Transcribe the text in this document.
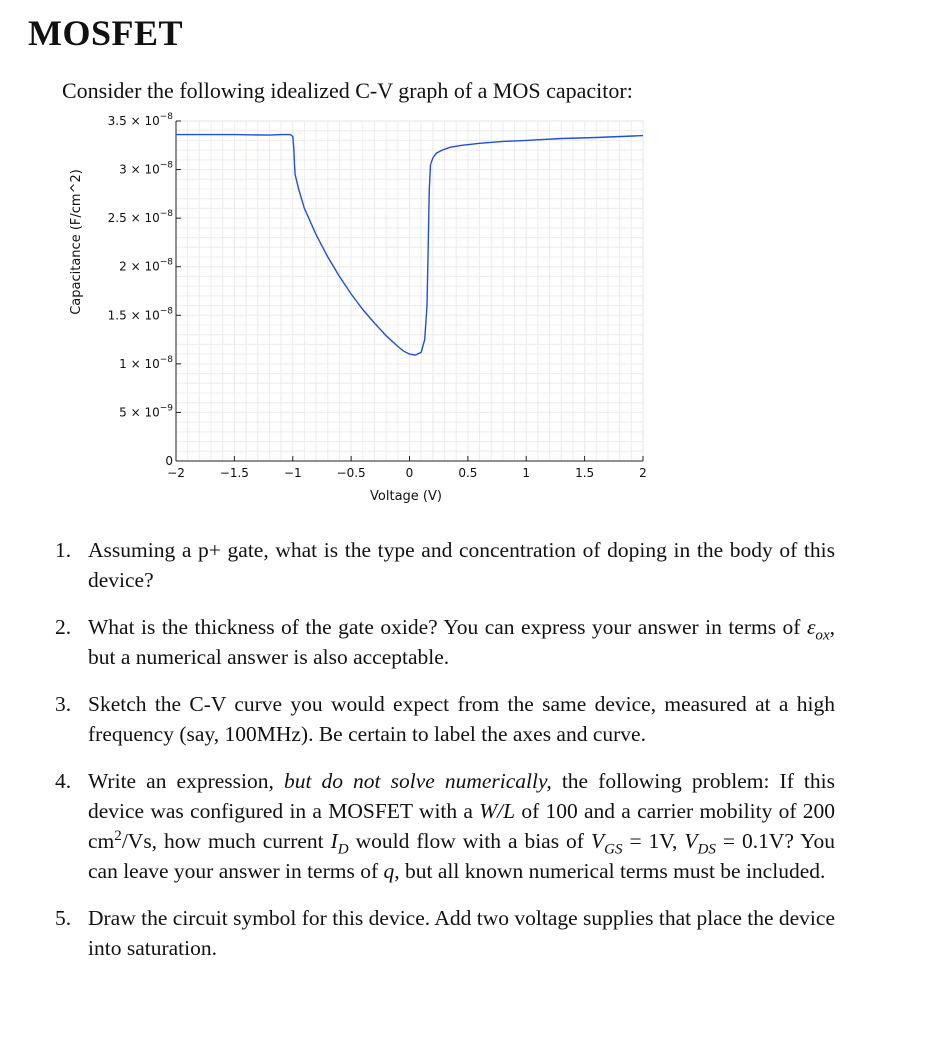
MOSFET
Consider the following idealized C-V graph of a MOS capacitor:
−2	−1.5	−1	−0.5	0	0.5	1	1.5	2
0
$5 \times 10^{-9}$
$1 \times 10^{-8}$
$1.5 \times 10^{-8}$
$2 \times 10^{-8}$
$2.5 \times 10^{-8}$
$3 \times 10^{-8}$
$3.5 \times 10^{-8}$
Voltage (V)
Capacitance (F/cm^2)
1. Assuming a p+ gate, what is the type and concentration of doping in the body of this device?
2. What is the thickness of the gate oxide? You can express your answer in terms of $\varepsilon_{ox}$, but a numerical answer is also acceptable.
3. Sketch the C-V curve you would expect from the same device, measured at a high frequency (say, 100MHz). Be certain to label the axes and curve.
4. Write an expression, but do not solve numerically, the following problem: If this device was configured in a MOSFET with a W/L of 100 and a carrier mobility of 200 $cm^2/Vs$, how much current $I_D$ would flow with a bias of $V_{GS} = 1V$, $V_{DS} = 0.1V$? You can leave your answer in terms of q, but all known numerical terms must be included.
5. Draw the circuit symbol for this device. Add two voltage supplies that place the device into saturation.
